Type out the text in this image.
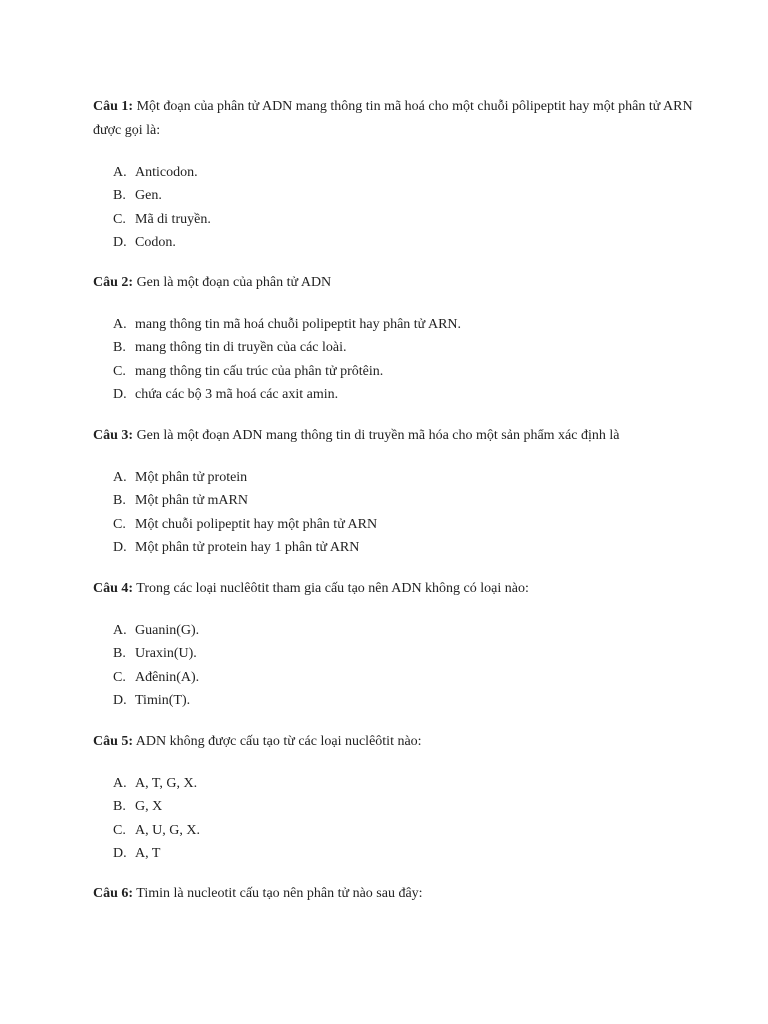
Câu 1: Một đoạn của phân tử ADN mang thông tin mã hoá cho một chuỗi pôlipeptit hay một phân tử ARN được gọi là:

A. Anticodon.
B. Gen.
C. Mã di truyền.
D. Codon.

Câu 2: Gen là một đoạn của phân tử ADN

A. mang thông tin mã hoá chuỗi polipeptit hay phân tử ARN.
B. mang thông tin di truyền của các loài.
C. mang thông tin cấu trúc của phân tử prôtêin.
D. chứa các bộ 3 mã hoá các axit amin.

Câu 3: Gen là một đoạn ADN mang thông tin di truyền mã hóa cho một sản phẩm xác định là

A. Một phân tử protein
B. Một phân tử mARN
C. Một chuỗi polipeptit hay một phân tử ARN
D. Một phân tử protein hay 1 phân tử ARN

Câu 4: Trong các loại nuclêôtit tham gia cấu tạo nên ADN không có loại nào:

A. Guanin(G).
B. Uraxin(U).
C. Ađênin(A).
D. Timin(T).

Câu 5: ADN không được cấu tạo từ các loại nuclêôtit nào:

A. A, T, G, X.
B. G, X
C. A, U, G, X.
D. A, T

Câu 6: Timin là nucleotit cấu tạo nên phân tử nào sau đây:
